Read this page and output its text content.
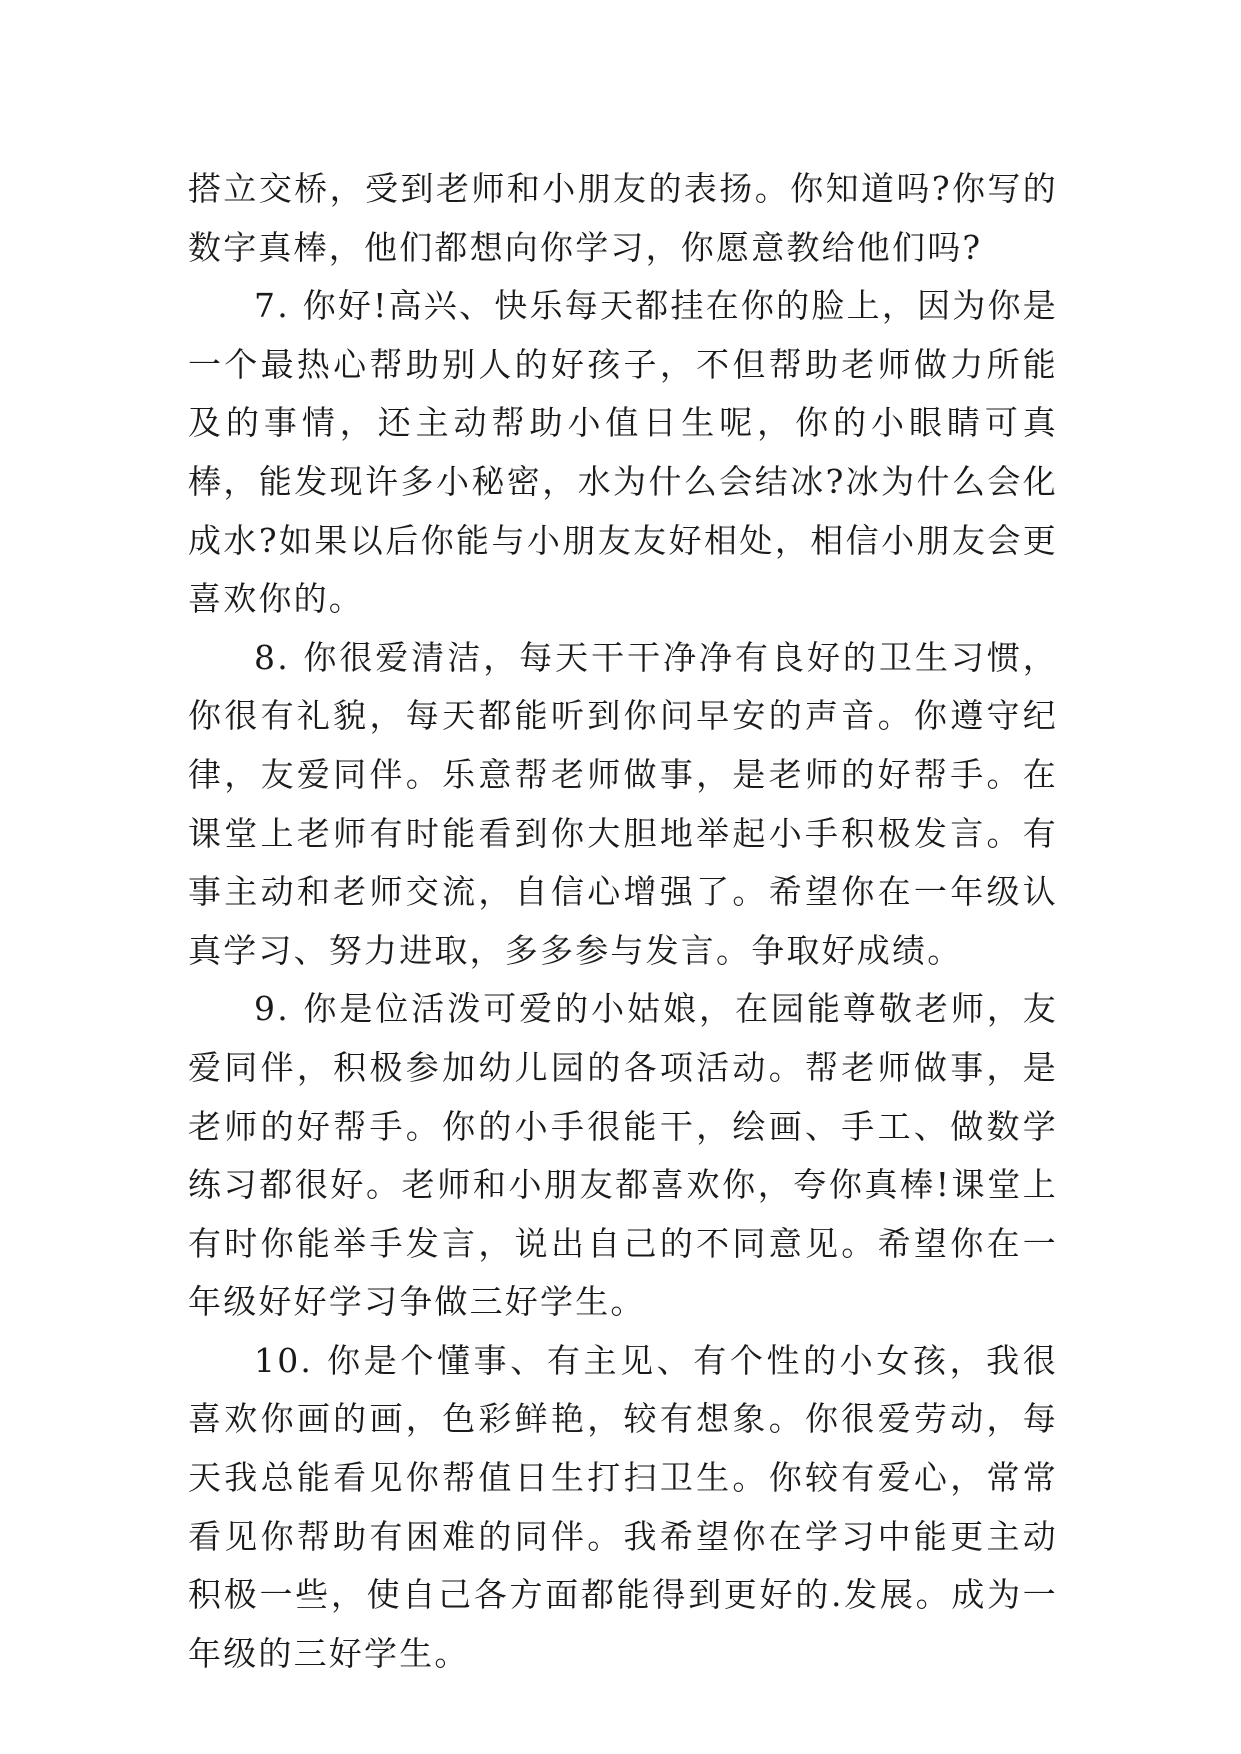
搭立交桥，受到老师和小朋友的表扬。你知道吗?你写的数字真棒，他们都想向你学习，你愿意教给他们吗?

7. 你好!高兴、快乐每天都挂在你的脸上，因为你是一个最热心帮助别人的好孩子，不但帮助老师做力所能及的事情，还主动帮助小值日生呢，你的小眼睛可真棒，能发现许多小秘密，水为什么会结冰?冰为什么会化成水?如果以后你能与小朋友友好相处，相信小朋友会更喜欢你的。

8. 你很爱清洁，每天干干净净有良好的卫生习惯，你很有礼貌，每天都能听到你问早安的声音。你遵守纪律，友爱同伴。乐意帮老师做事，是老师的好帮手。在课堂上老师有时能看到你大胆地举起小手积极发言。有事主动和老师交流，自信心增强了。希望你在一年级认真学习、努力进取，多多参与发言。争取好成绩。

9. 你是位活泼可爱的小姑娘，在园能尊敬老师，友爱同伴，积极参加幼儿园的各项活动。帮老师做事，是老师的好帮手。你的小手很能干，绘画、手工、做数学练习都很好。老师和小朋友都喜欢你，夸你真棒!课堂上有时你能举手发言，说出自己的不同意见。希望你在一年级好好学习争做三好学生。

10. 你是个懂事、有主见、有个性的小女孩，我很喜欢你画的画，色彩鲜艳，较有想象。你很爱劳动，每天我总能看见你帮值日生打扫卫生。你较有爱心，常常看见你帮助有困难的同伴。我希望你在学习中能更主动积极一些，使自己各方面都能得到更好的.发展。成为一年级的三好学生。
